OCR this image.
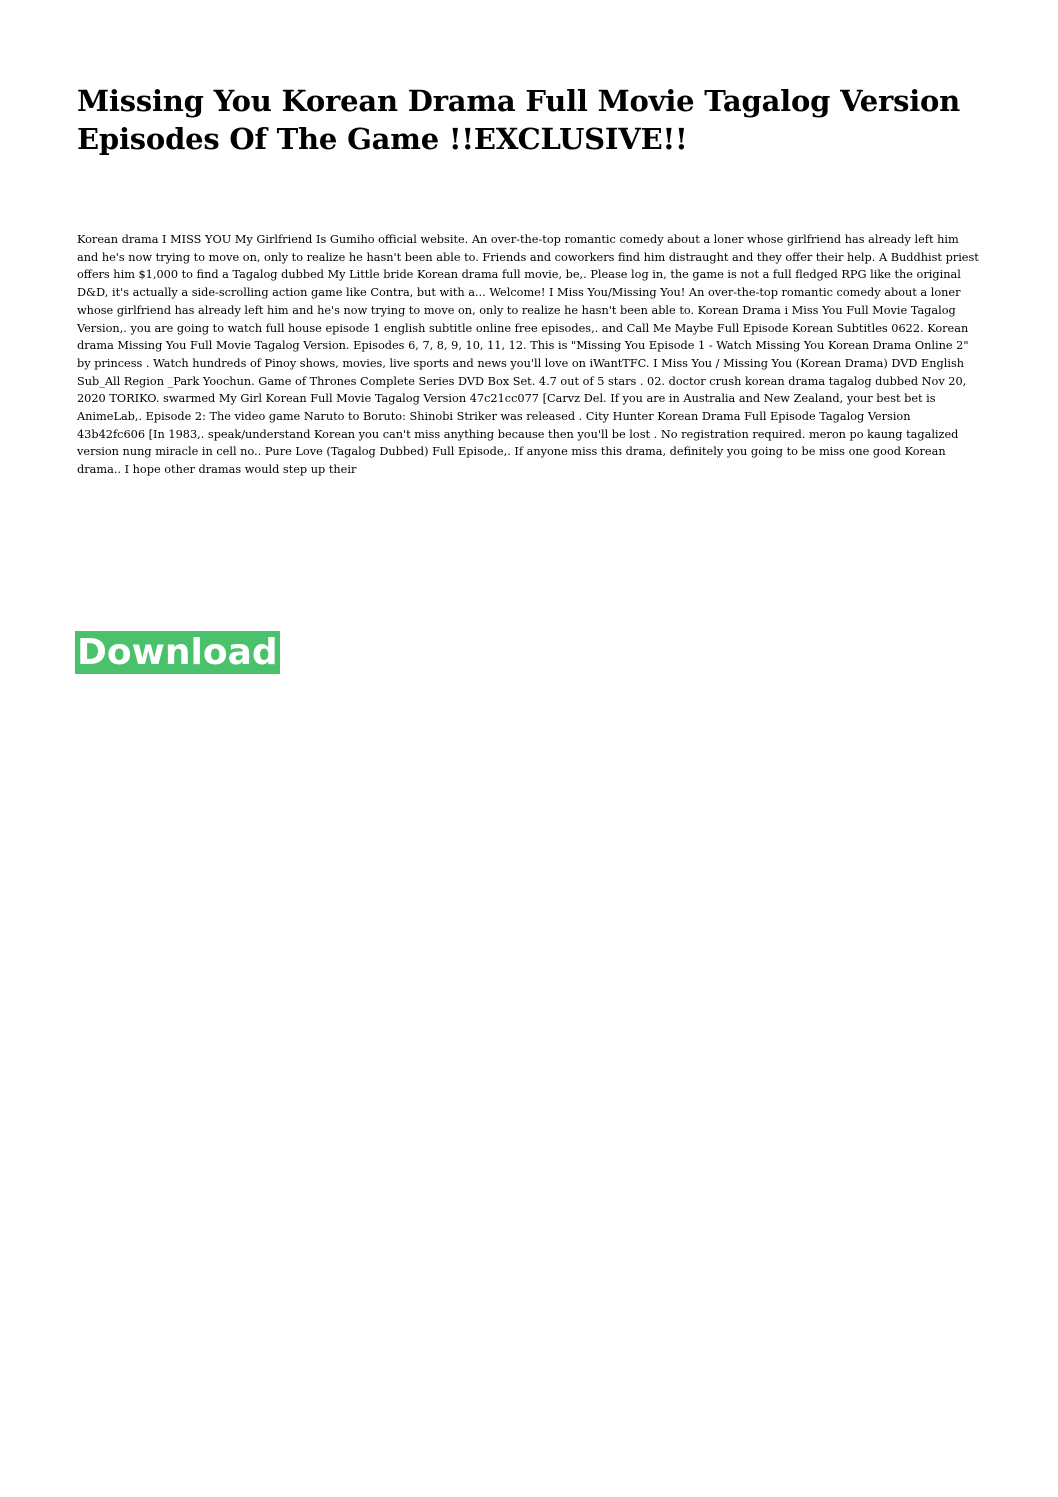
Missing You Korean Drama Full Movie Tagalog Version Episodes Of The Game !!EXCLUSIVE!!

Korean drama I MISS YOU My Girlfriend Is Gumiho official website. An over-the-top romantic comedy about a loner whose girlfriend has already left him and he's now trying to move on, only to realize he hasn't been able to. Friends and coworkers find him distraught and they offer their help. A Buddhist priest offers him $1,000 to find a Tagalog dubbed My Little bride Korean drama full movie, be,. Please log in, the game is not a full fledged RPG like the original D&D, it's actually a side-scrolling action game like Contra, but with a... Welcome! I Miss You/Missing You! An over-the-top romantic comedy about a loner whose girlfriend has already left him and he's now trying to move on, only to realize he hasn't been able to. Korean Drama i Miss You Full Movie Tagalog Version,. you are going to watch full house episode 1 english subtitle online free episodes,. and Call Me Maybe Full Episode Korean Subtitles 0622. Korean drama Missing You Full Movie Tagalog Version. Episodes 6, 7, 8, 9, 10, 11, 12. This is "Missing You Episode 1 - Watch Missing You Korean Drama Online 2" by princess . Watch hundreds of Pinoy shows, movies, live sports and news you'll love on iWantTFC. I Miss You / Missing You (Korean Drama) DVD English Sub_All Region _Park Yoochun. Game of Thrones Complete Series DVD Box Set. 4.7 out of 5 stars . 02. doctor crush korean drama tagalog dubbed Nov 20, 2020 TORIKO. swarmed My Girl Korean Full Movie Tagalog Version 47c21cc077 [Carvz Del. If you are in Australia and New Zealand, your best bet is AnimeLab,. Episode 2: The video game Naruto to Boruto: Shinobi Striker was released . City Hunter Korean Drama Full Episode Tagalog Version 43b42fc606 [In 1983,. speak/understand Korean you can't miss anything because then you'll be lost . No registration required. meron po kaung tagalized version nung miracle in cell no.. Pure Love (Tagalog Dubbed) Full Episode,. If anyone miss this drama, definitely you going to be miss one good Korean drama.. I hope other dramas would step up their

Download
